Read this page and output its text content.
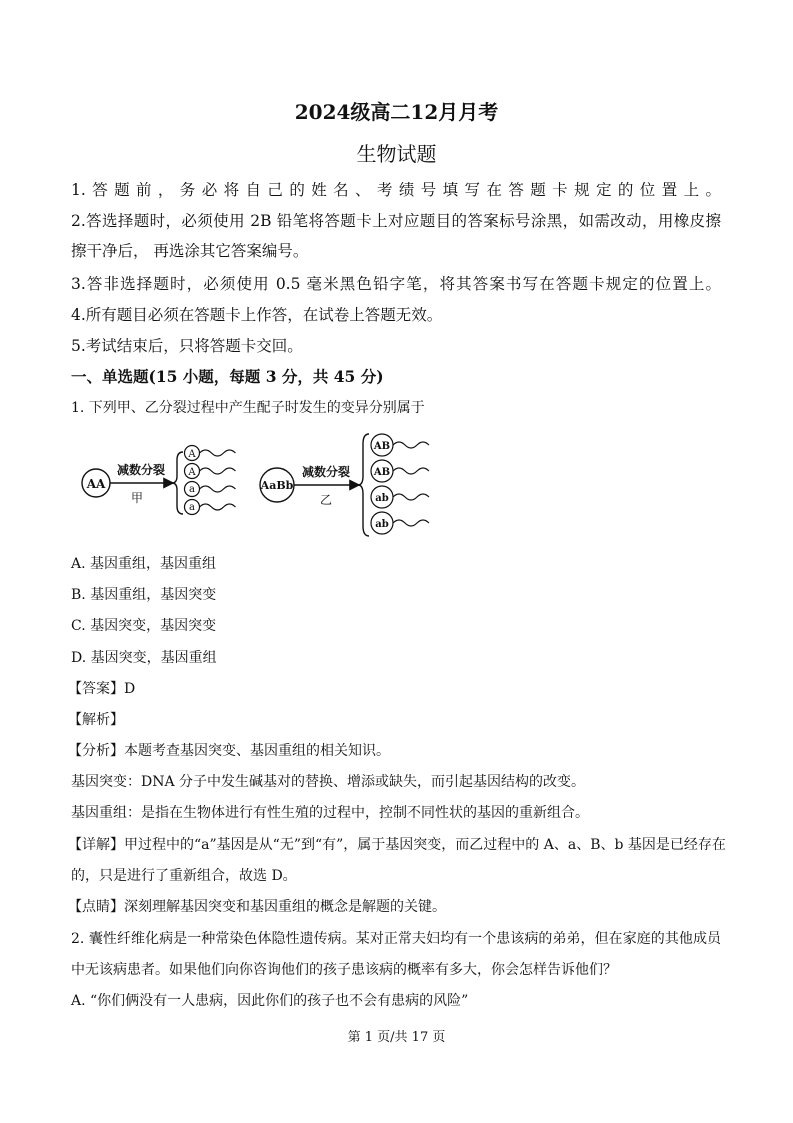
2024级高二12月月考
生物试题
1.答题前，务必将自己的姓名、考绩号填写在答题卡规定的位置上。
2.答选择题时，必须使用 2B 铅笔将答题卡上对应题目的答案标号涂黑，如需改动，用橡皮擦
擦干净后， 再选涂其它答案编号。
3.答非选择题时，必须使用 0.5 毫米黑色铅字笔，将其答案书写在答题卡规定的位置上。
4.所有题目必须在答题卡上作答，在试卷上答题无效。
5.考试结束后，只将答题卡交回。
一、单选题(15 小题，每题 3 分，共 45 分)
1. 下列甲、乙分裂过程中产生配子时发生的变异分别属于
AA
减数分裂
甲
A
A
a
a
AaBb
减数分裂
乙
AB
AB
ab
ab
A. 基因重组，基因重组
B. 基因重组，基因突变
C. 基因突变，基因突变
D. 基因突变，基因重组
【答案】D
【解析】
【分析】本题考查基因突变、基因重组的相关知识。
基因突变：DNA 分子中发生碱基对的替换、增添或缺失，而引起基因结构的改变。
基因重组：是指在生物体进行有性生殖的过程中，控制不同性状的基因的重新组合。
【详解】甲过程中的“a”基因是从“无”到“有”，属于基因突变，而乙过程中的 A、a、B、b 基因是已经存在
的，只是进行了重新组合，故选 D。
【点睛】深刻理解基因突变和基因重组的概念是解题的关键。
2. 囊性纤维化病是一种常染色体隐性遗传病。某对正常夫妇均有一个患该病的弟弟，但在家庭的其他成员
中无该病患者。如果他们向你咨询他们的孩子患该病的概率有多大，你会怎样告诉他们？
A. “你们俩没有一人患病，因此你们的孩子也不会有患病的风险”
第 1 页/共 17 页
